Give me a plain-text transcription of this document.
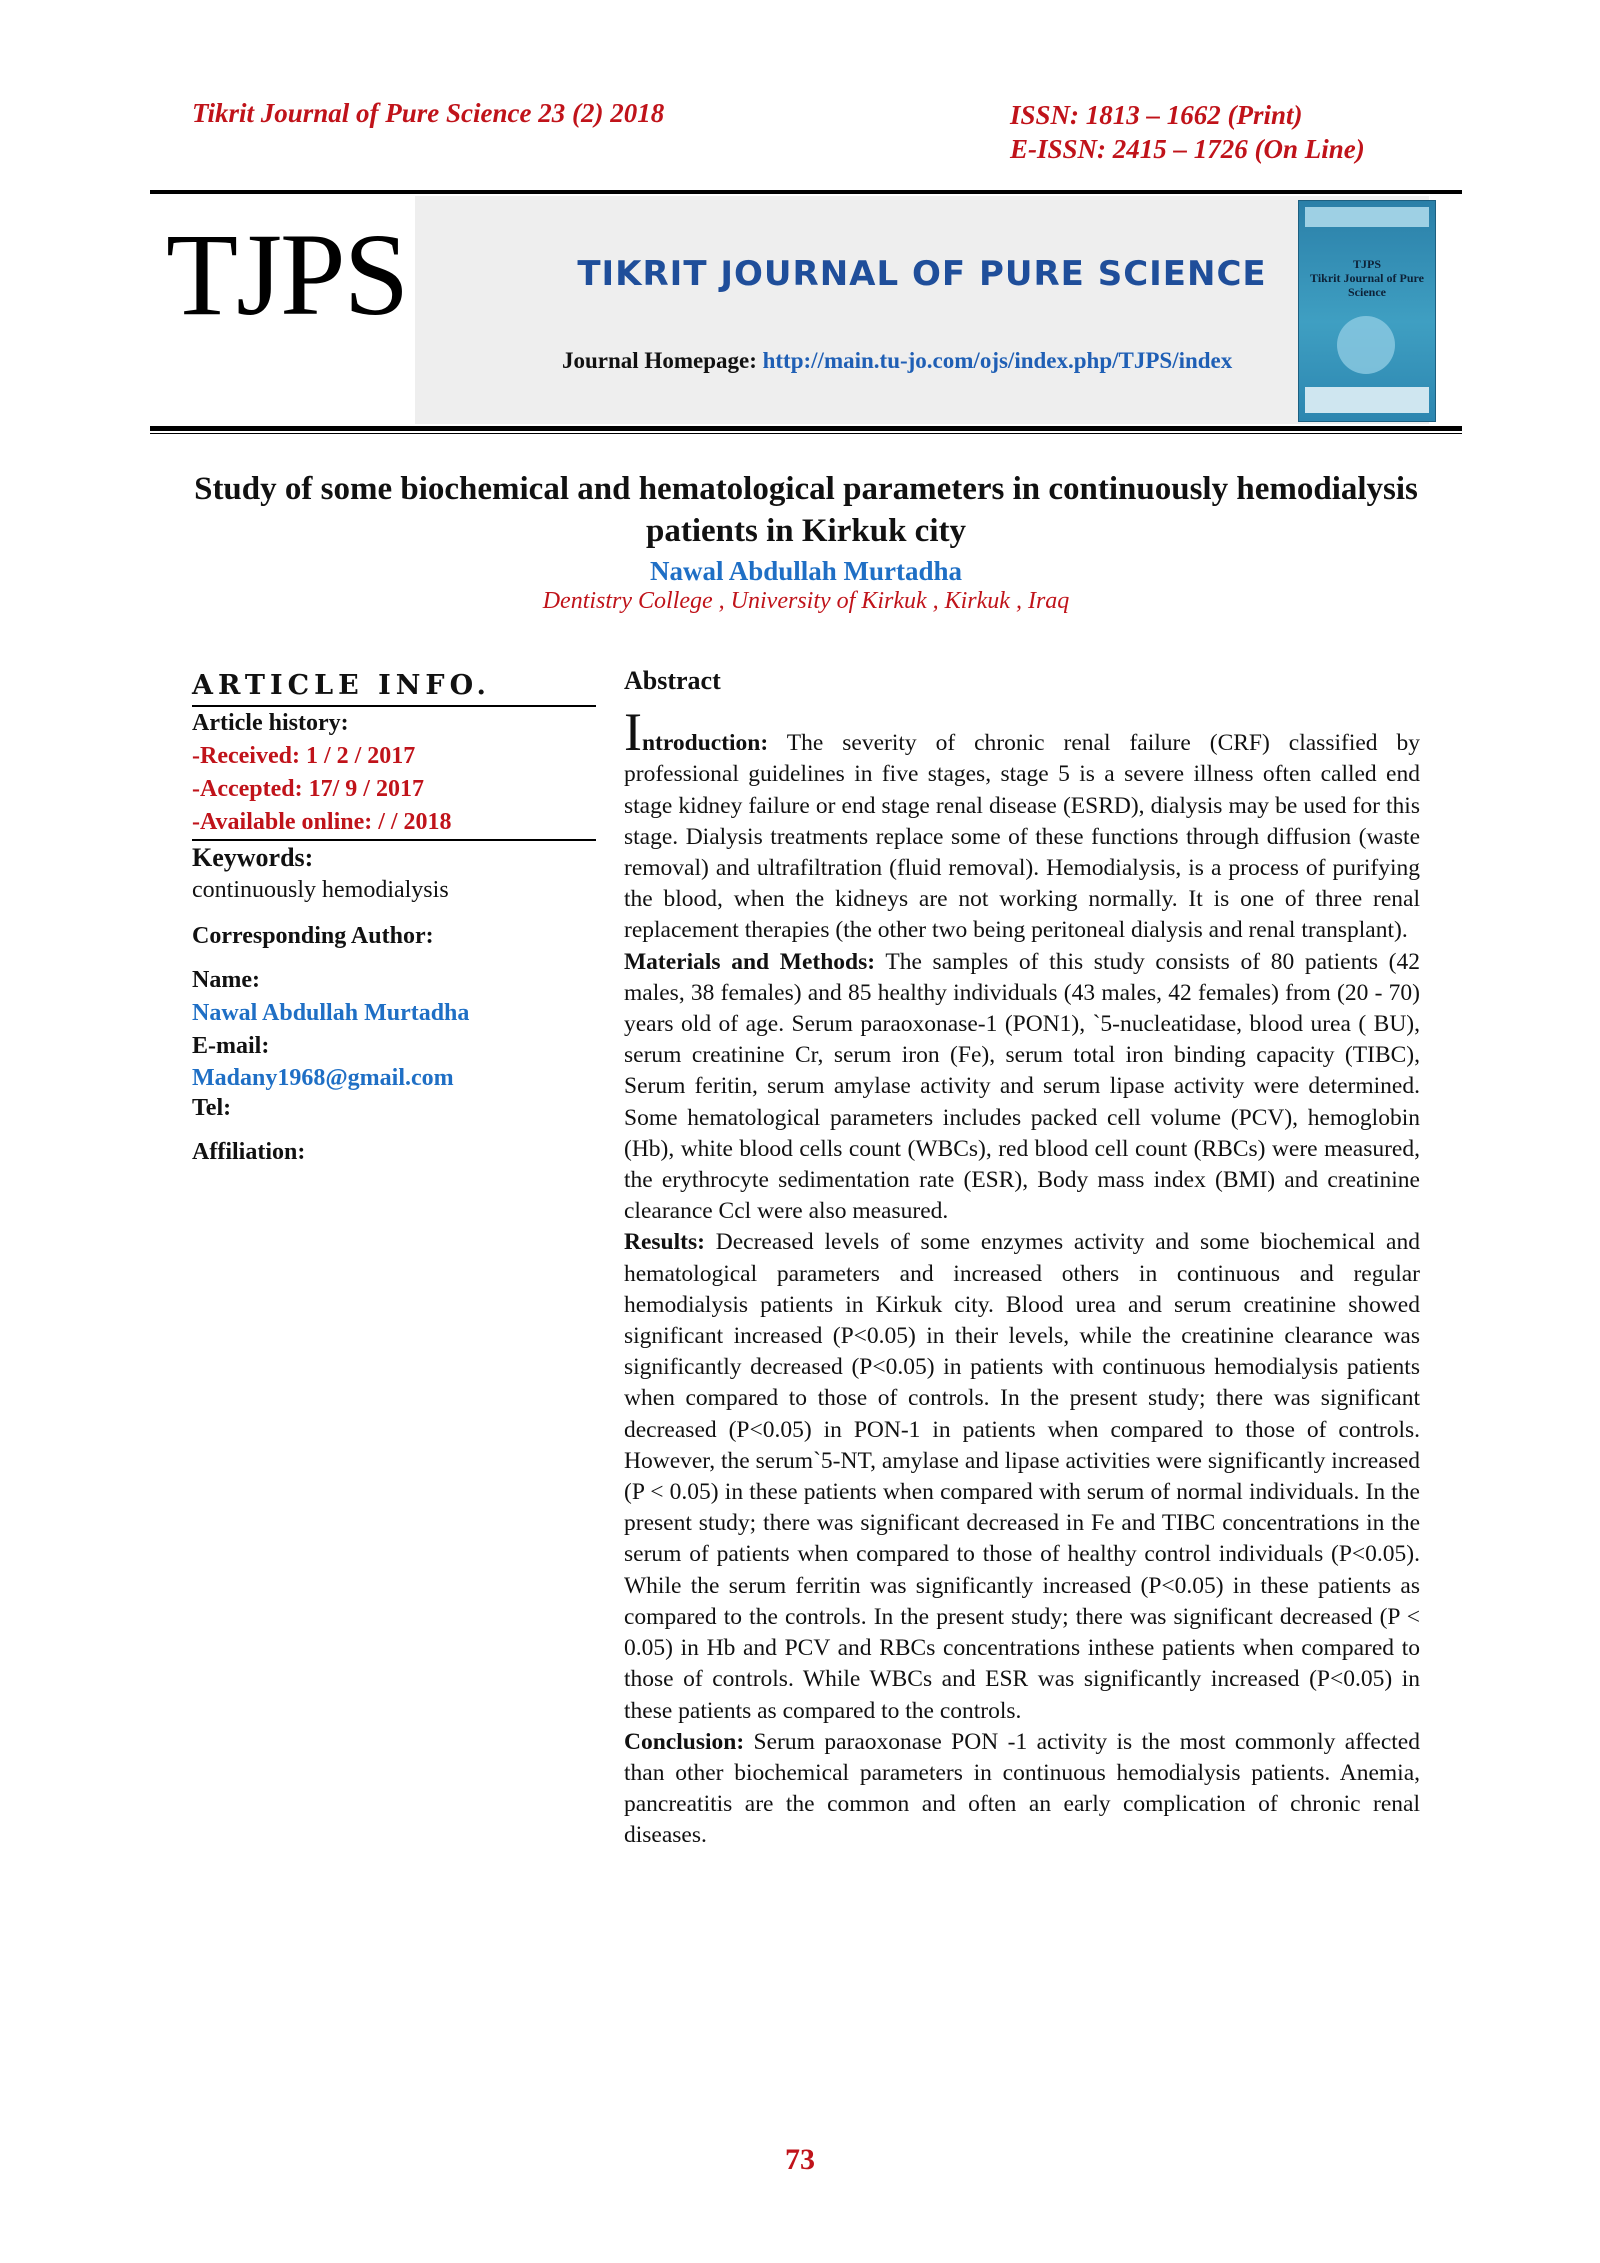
Tikrit Journal of Pure Science 23 (2) 2018	ISSN: 1813 – 1662 (Print)
E-ISSN: 2415 – 1726 (On Line)
TJPS	TIKRIT JOURNAL OF PURE SCIENCE
Journal Homepage: http://main.tu-jo.com/ojs/index.php/TJPS/index
TJPS
Tikrit Journal of Pure Science
Study of some biochemical and hematological parameters in continuously hemodialysis patients in Kirkuk city
Nawal Abdullah Murtadha
Dentistry College , University of Kirkuk , Kirkuk , Iraq
ARTICLE INFO.

Article history:

-Received: 1 / 2 / 2017

-Accepted: 17/ 9 / 2017

-Available online: / / 2018

Keywords:

continuously hemodialysis

Corresponding Author:

Name:

Nawal Abdullah Murtadha

E-mail:

Madany1968@gmail.com

Tel:

Affiliation:

Abstract

Introduction: The severity of chronic renal failure (CRF) classified by professional guidelines in five stages, stage 5 is a severe illness often called end stage kidney failure or end stage renal disease (ESRD), dialysis may be used for this stage. Dialysis treatments replace some of these functions through diffusion (waste removal) and ultrafiltration (fluid removal). Hemodialysis, is a process of purifying the blood, when the kidneys are not working normally. It is one of three renal replacement therapies (the other two being peritoneal dialysis and renal transplant).

Materials and Methods: The samples of this study consists of 80 patients (42 males, 38 females) and 85 healthy individuals (43 males, 42 females) from (20 - 70) years old of age. Serum paraoxonase-1 (PON1), `5-nucleatidase, blood urea ( BU), serum creatinine Cr, serum iron (Fe), serum total iron binding capacity (TIBC), Serum feritin, serum amylase activity and serum lipase activity were determined. Some hematological parameters includes packed cell volume (PCV), hemoglobin (Hb), white blood cells count (WBCs), red blood cell count (RBCs) were measured, the erythrocyte sedimentation rate (ESR), Body mass index (BMI) and creatinine clearance Ccl were also measured.

Results: Decreased levels of some enzymes activity and some biochemical and hematological parameters and increased others in continuous and regular hemodialysis patients in Kirkuk city. Blood urea and serum creatinine showed significant increased (P<0.05) in their levels, while the creatinine clearance was significantly decreased (P<0.05) in patients with continuous hemodialysis patients when compared to those of controls. In the present study; there was significant decreased (P<0.05) in PON-1 in patients when compared to those of controls. However, the serum`5-NT, amylase and lipase activities were significantly increased (P < 0.05) in these patients when compared with serum of normal individuals. In the present study; there was significant decreased in Fe and TIBC concentrations in the serum of patients when compared to those of healthy control individuals (P<0.05). While the serum ferritin was significantly increased (P<0.05) in these patients as compared to the controls. In the present study; there was significant decreased (P < 0.05) in Hb and PCV and RBCs concentrations inthese patients when compared to those of controls. While WBCs and ESR was significantly increased (P<0.05) in these patients as compared to the controls.

Conclusion: Serum paraoxonase PON -1 activity is the most commonly affected than other biochemical parameters in continuous hemodialysis patients. Anemia, pancreatitis are the common and often an early complication of chronic renal diseases.

73
